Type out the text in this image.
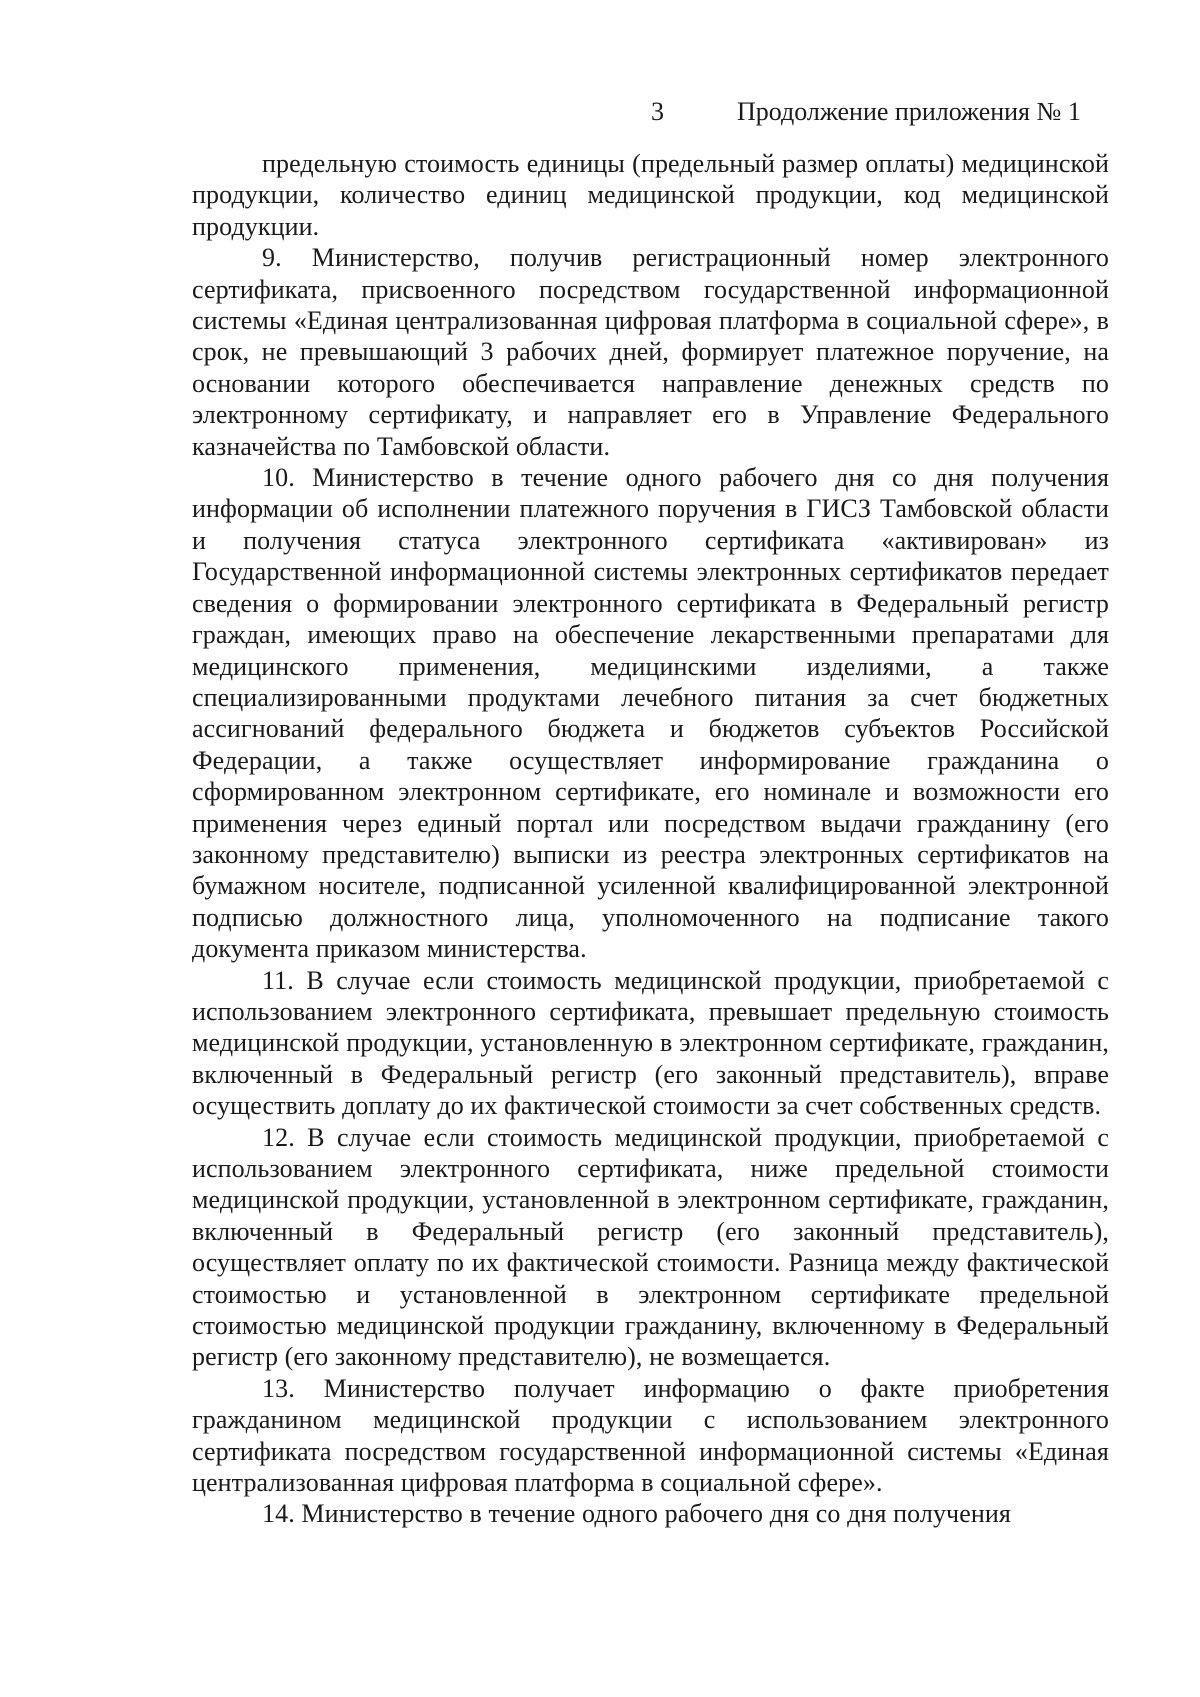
3	Продолжение приложения № 1

предельную стоимость единицы (предельный размер оплаты) медицинской продукции, количество единиц медицинской продукции, код медицинской продукции.

9. Министерство, получив регистрационный номер электронного сертификата, присвоенного посредством государственной информационной системы «Единая централизованная цифровая платформа в социальной сфере», в срок, не превышающий 3 рабочих дней, формирует платежное поручение, на основании которого обеспечивается направление денежных средств по электронному сертификату, и направляет его в Управление Федерального казначейства по Тамбовской области.

10. Министерство в течение одного рабочего дня со дня получения информации об исполнении платежного поручения в ГИСЗ Тамбовской области и получения статуса электронного сертификата «активирован» из Государственной информационной системы электронных сертификатов передает сведения о формировании электронного сертификата в Федеральный регистр граждан, имеющих право на обеспечение лекарственными препаратами для медицинского применения, медицинскими изделиями, а также специализированными продуктами лечебного питания за счет бюджетных ассигнований федерального бюджета и бюджетов субъектов Российской Федерации, а также осуществляет информирование гражданина о сформированном электронном сертификате, его номинале и возможности его применения через единый портал или посредством выдачи гражданину (его законному представителю) выписки из реестра электронных сертификатов на бумажном носителе, подписанной усиленной квалифицированной электронной подписью должностного лица, уполномоченного на подписание такого документа приказом министерства.

11. В случае если стоимость медицинской продукции, приобретаемой с использованием электронного сертификата, превышает предельную стоимость медицинской продукции, установленную в электронном сертификате, гражданин, включенный в Федеральный регистр (его законный представитель), вправе осуществить доплату до их фактической стоимости за счет собственных средств.

12. В случае если стоимость медицинской продукции, приобретаемой с использованием электронного сертификата, ниже предельной стоимости медицинской продукции, установленной в электронном сертификате, гражданин, включенный в Федеральный регистр (его законный представитель), осуществляет оплату по их фактической стоимости. Разница между фактической стоимостью и установленной в электронном сертификате предельной стоимостью медицинской продукции гражданину, включенному в Федеральный регистр (его законному представителю), не возмещается.

13. Министерство получает информацию о факте приобретения гражданином медицинской продукции с использованием электронного сертификата посредством государственной информационной системы «Единая централизованная цифровая платформа в социальной сфере».

14. Министерство в течение одного рабочего дня со дня получения
